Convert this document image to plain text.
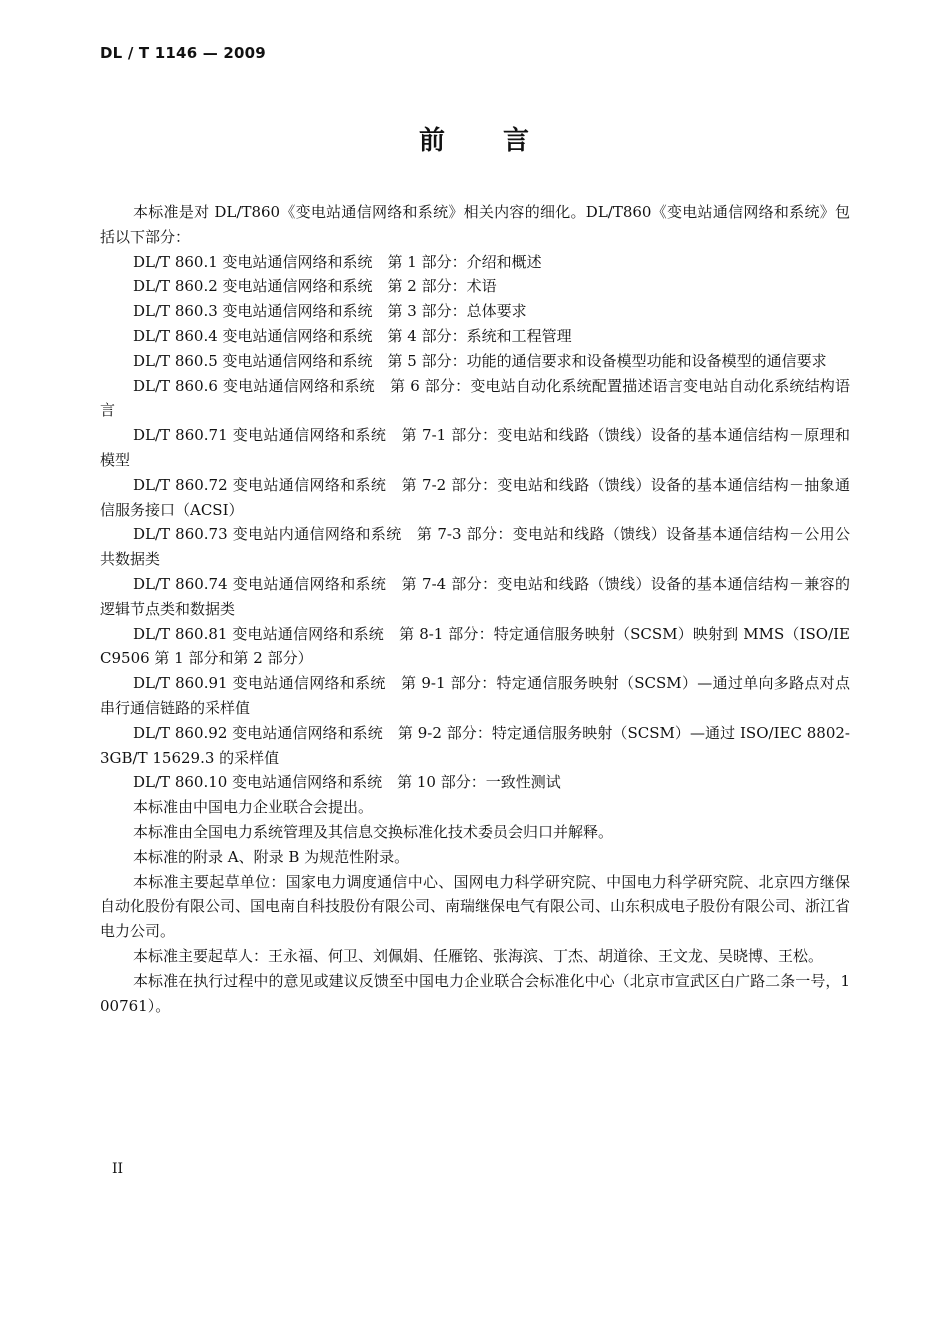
DL / T 1146 — 2009
前　　言

本标准是对 DL/T860《变电站通信网络和系统》相关内容的细化。DL/T860《变电站通信网络和系统》包括以下部分：

DL/T 860.1 变电站通信网络和系统　第 1 部分：介绍和概述

DL/T 860.2 变电站通信网络和系统　第 2 部分：术语

DL/T 860.3 变电站通信网络和系统　第 3 部分：总体要求

DL/T 860.4 变电站通信网络和系统　第 4 部分：系统和工程管理

DL/T 860.5 变电站通信网络和系统　第 5 部分：功能的通信要求和设备模型功能和设备模型的通信要求

DL/T 860.6 变电站通信网络和系统　第 6 部分：变电站自动化系统配置描述语言变电站自动化系统结构语言

DL/T 860.71 变电站通信网络和系统　第 7-1 部分：变电站和线路（馈线）设备的基本通信结构－原理和模型

DL/T 860.72 变电站通信网络和系统　第 7-2 部分：变电站和线路（馈线）设备的基本通信结构－抽象通信服务接口（ACSI）

DL/T 860.73 变电站内通信网络和系统　第 7-3 部分：变电站和线路（馈线）设备基本通信结构－公用公共数据类

DL/T 860.74 变电站通信网络和系统　第 7-4 部分：变电站和线路（馈线）设备的基本通信结构－兼容的逻辑节点类和数据类

DL/T 860.81 变电站通信网络和系统　第 8-1 部分：特定通信服务映射（SCSM）映射到 MMS（ISO/IEC9506 第 1 部分和第 2 部分）

DL/T 860.91 变电站通信网络和系统　第 9-1 部分：特定通信服务映射（SCSM）—通过单向多路点对点串行通信链路的采样值

DL/T 860.92 变电站通信网络和系统　第 9-2 部分：特定通信服务映射（SCSM）—通过 ISO/IEC 8802-3GB/T 15629.3 的采样值

DL/T 860.10 变电站通信网络和系统　第 10 部分：一致性测试

本标准由中国电力企业联合会提出。

本标准由全国电力系统管理及其信息交换标准化技术委员会归口并解释。

本标准的附录 A、附录 B 为规范性附录。

本标准主要起草单位：国家电力调度通信中心、国网电力科学研究院、中国电力科学研究院、北京四方继保自动化股份有限公司、国电南自科技股份有限公司、南瑞继保电气有限公司、山东积成电子股份有限公司、浙江省电力公司。

本标准主要起草人：王永福、何卫、刘佩娟、任雁铭、张海滨、丁杰、胡道徐、王文龙、吴晓博、王松。

本标准在执行过程中的意见或建议反馈至中国电力企业联合会标准化中心（北京市宣武区白广路二条一号，100761）。

II
